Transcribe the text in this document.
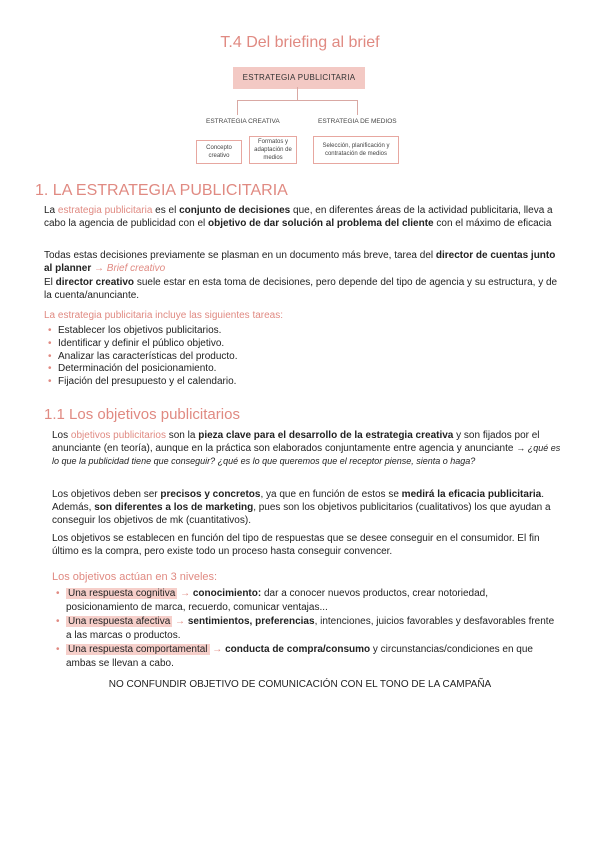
T.4 Del briefing al brief
ESTRATEGIA PUBLICITARIA
ESTRATEGIA CREATIVA	ESTRATEGIA DE MEDIOS
Concepto creativo
Formatos y adaptación de medios
Selección, planificación y contratación de medios
1. LA ESTRATEGIA PUBLICITARIA
La estrategia publicitaria es el conjunto de decisiones que, en diferentes áreas de la actividad publicitaria, lleva a cabo la agencia de publicidad con el objetivo de dar solución al problema del cliente con el máximo de eficacia
Todas estas decisiones previamente se plasman en un documento más breve, tarea del director de cuentas junto al planner → Brief creativo
El director creativo suele estar en esta toma de decisiones, pero depende del tipo de agencia y su estructura, y de la cuenta/anunciante.
La estrategia publicitaria incluye las siguientes tareas:
• Establecer los objetivos publicitarios.
• Identificar y definir el público objetivo.
• Analizar las características del producto.
• Determinación del posicionamiento.
• Fijación del presupuesto y el calendario.
1.1 Los objetivos publicitarios
Los objetivos publicitarios son la pieza clave para el desarrollo de la estrategia creativa y son fijados por el anunciante (en teoría), aunque en la práctica son elaborados conjuntamente entre agencia y anunciante → ¿qué es lo que la publicidad tiene que conseguir? ¿qué es lo que queremos que el receptor piense, sienta o haga?
Los objetivos deben ser precisos y concretos, ya que en función de estos se medirá la eficacia publicitaria. Además, son diferentes a los de marketing, pues son los objetivos publicitarios (cualitativos) los que ayudan a conseguir los objetivos de mk (cuantitativos).
Los objetivos se establecen en función del tipo de respuestas que se desee conseguir en el consumidor. El fin último es la compra, pero existe todo un proceso hasta conseguir convencer.
Los objetivos actúan en 3 niveles:
• Una respuesta cognitiva → conocimiento: dar a conocer nuevos productos, crear notoriedad, posicionamiento de marca, recuerdo, comunicar ventajas...
• Una respuesta afectiva → sentimientos, preferencias, intenciones, juicios favorables y desfavorables frente a las marcas o productos.
• Una respuesta comportamental → conducta de compra/consumo y circunstancias/condiciones en que ambas se llevan a cabo.
NO CONFUNDIR OBJETIVO DE COMUNICACIÓN CON EL TONO DE LA CAMPAÑA
